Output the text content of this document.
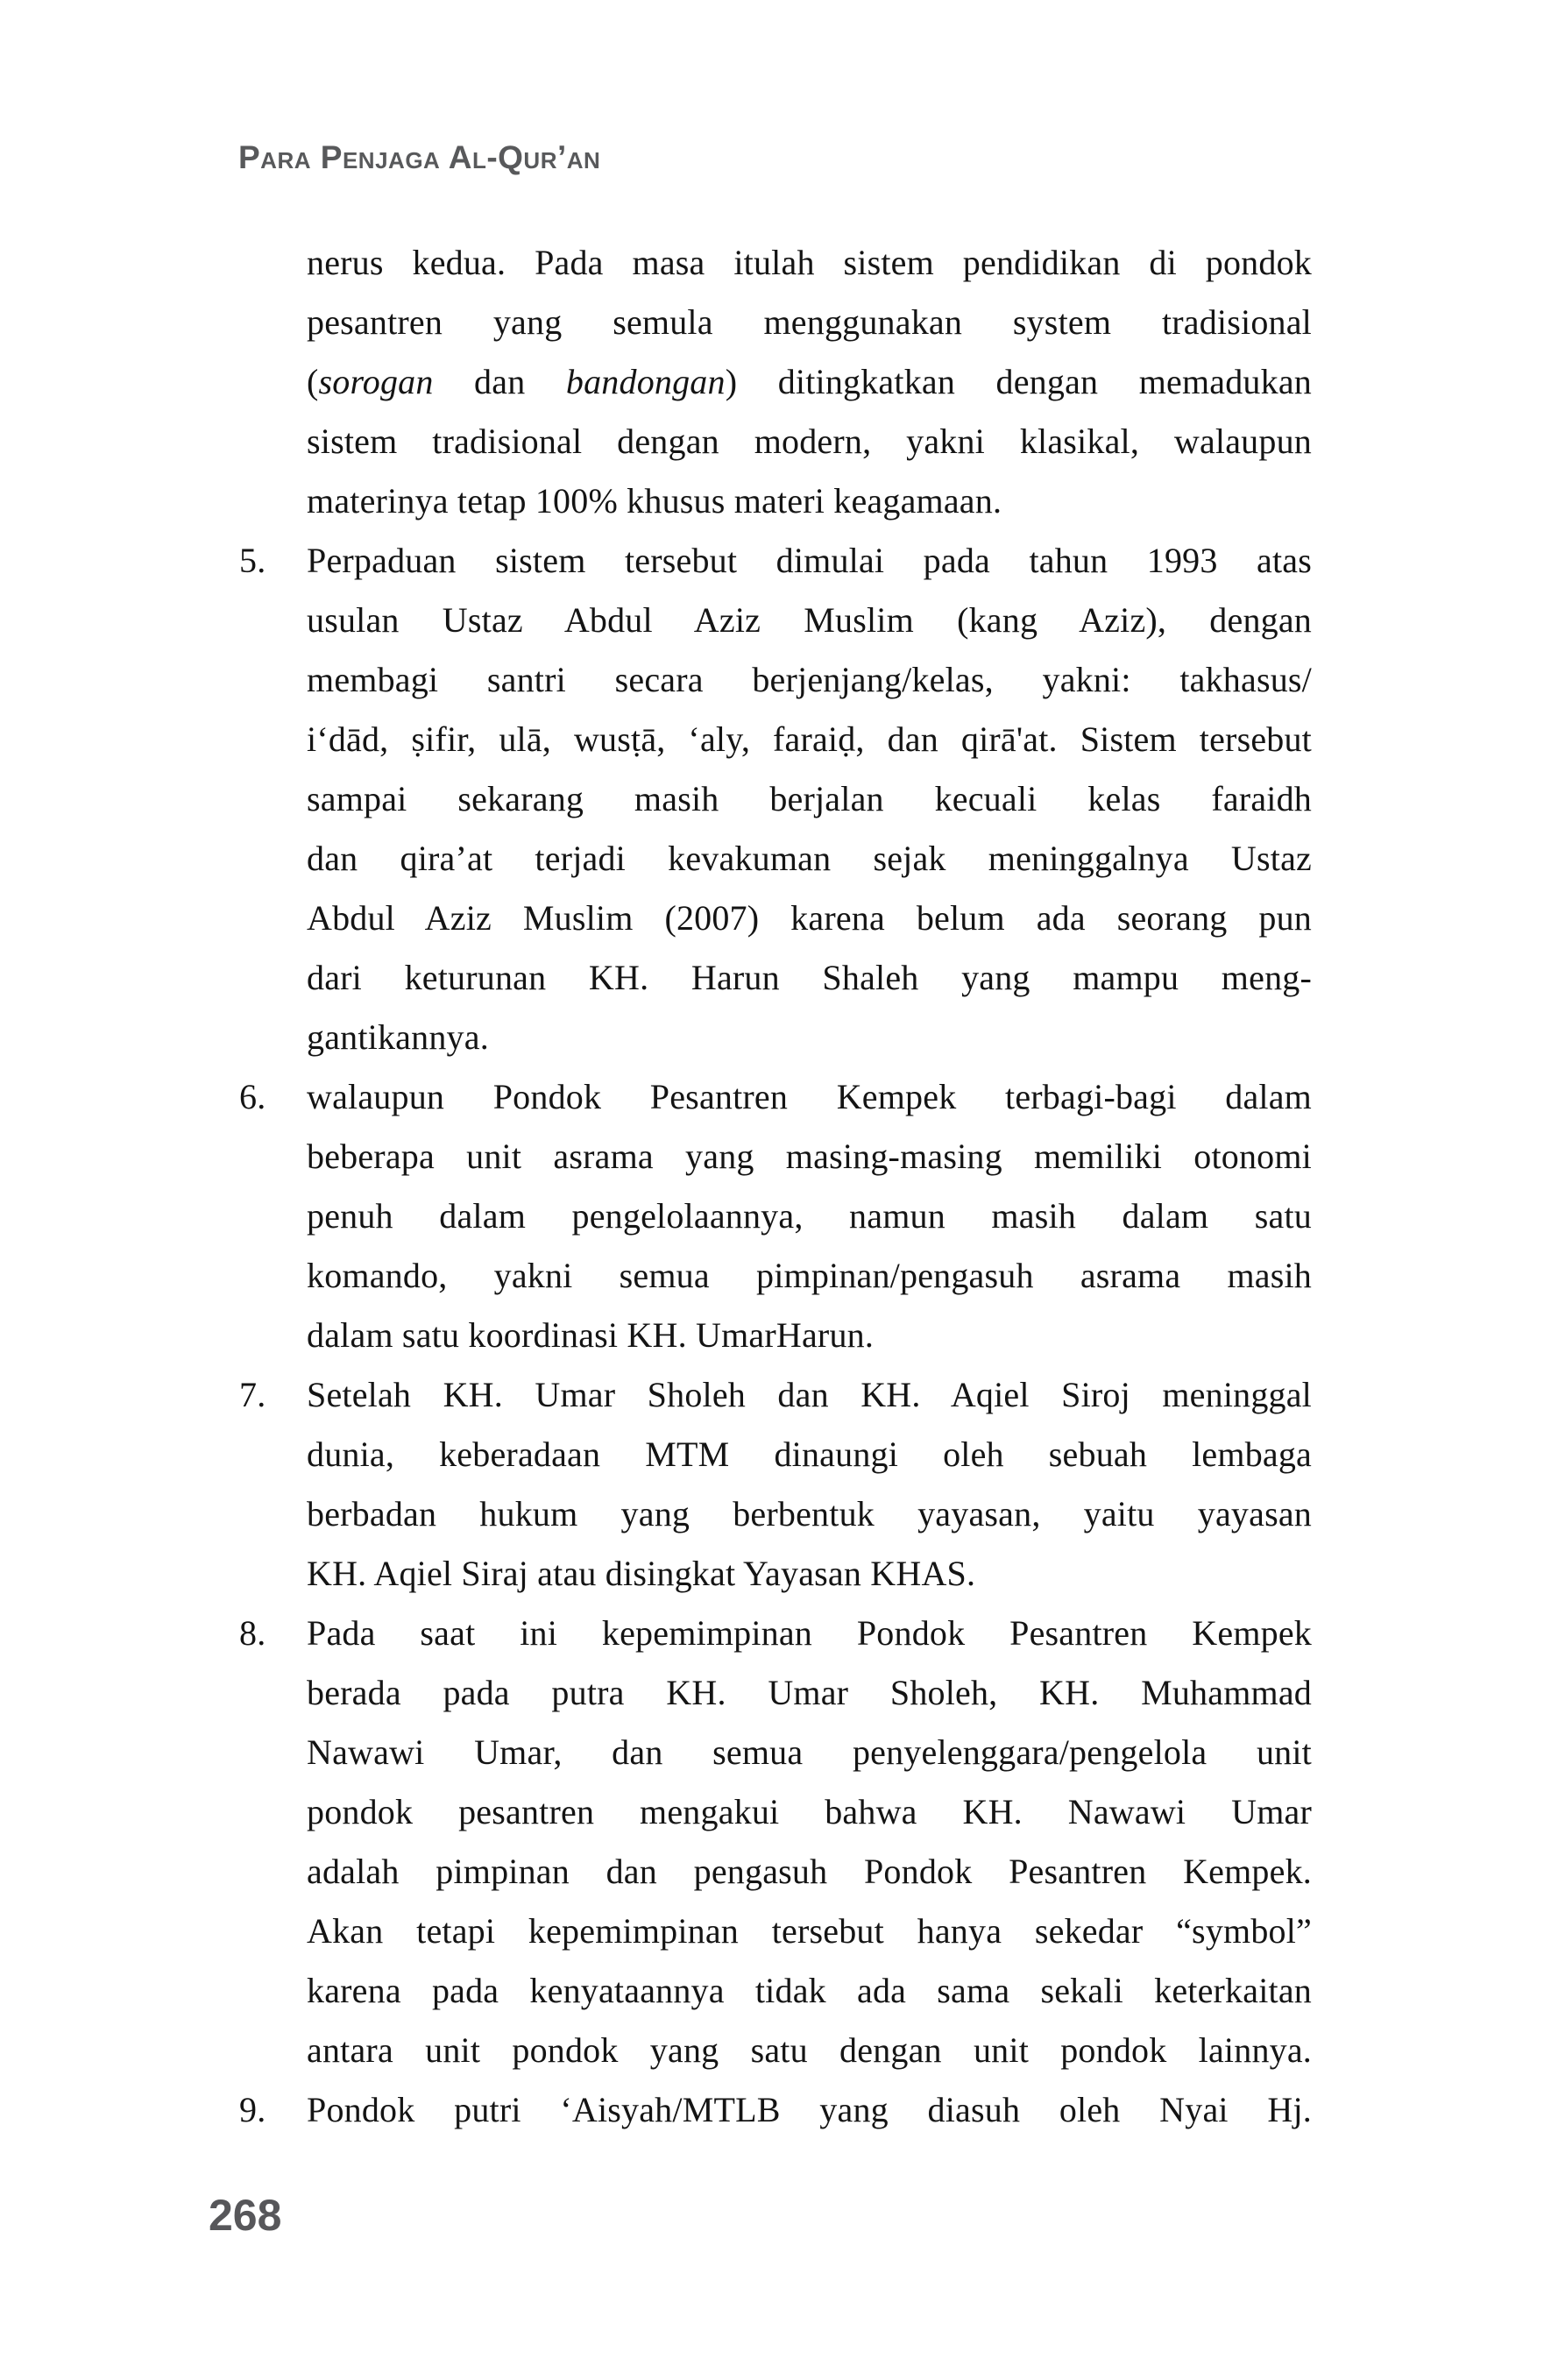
Para Penjaga Al-Qur’an
nerus kedua. Pada masa itulah sistem pendidikan di pondok
pesantren yang semula menggunakan system tradisional
(sorogan dan bandongan) ditingkatkan dengan memadukan
sistem tradisional dengan modern, yakni klasikal, walaupun
materinya tetap 100% khusus materi keagamaan.
5.	Perpaduan sistem tersebut dimulai pada tahun 1993 atas
usulan Ustaz Abdul Aziz Muslim (kang Aziz), dengan
membagi santri secara berjenjang/kelas, yakni: takhasus/
i‘dād, ṣifir, ulā, wusṭā, ‘aly, faraiḍ, dan qirā'at. Sistem tersebut
sampai sekarang masih berjalan kecuali kelas faraidh
dan qira’at terjadi kevakuman sejak meninggalnya Ustaz
Abdul Aziz Muslim (2007) karena belum ada seorang pun
dari keturunan KH. Harun Shaleh yang mampu meng-
gantikannya.
6.	walaupun Pondok Pesantren Kempek terbagi-bagi dalam
beberapa unit asrama yang masing-masing memiliki otonomi
penuh dalam pengelolaannya, namun masih dalam satu
komando, yakni semua pimpinan/pengasuh asrama masih
dalam satu koordinasi KH. UmarHarun.
7.	Setelah KH. Umar Sholeh dan KH. Aqiel Siroj meninggal
dunia, keberadaan MTM dinaungi oleh sebuah lembaga
berbadan hukum yang berbentuk yayasan, yaitu yayasan
KH. Aqiel Siraj atau disingkat Yayasan KHAS.
8.	Pada saat ini kepemimpinan Pondok Pesantren Kempek
berada pada putra KH. Umar Sholeh, KH. Muhammad
Nawawi Umar, dan semua penyelenggara/pengelola unit
pondok pesantren mengakui bahwa KH. Nawawi Umar
adalah pimpinan dan pengasuh Pondok Pesantren Kempek.
Akan tetapi kepemimpinan tersebut hanya sekedar “symbol”
karena pada kenyataannya tidak ada sama sekali keterkaitan
antara unit pondok yang satu dengan unit pondok lainnya.
9.	Pondok putri ‘Aisyah/MTLB yang diasuh oleh Nyai Hj.
268
